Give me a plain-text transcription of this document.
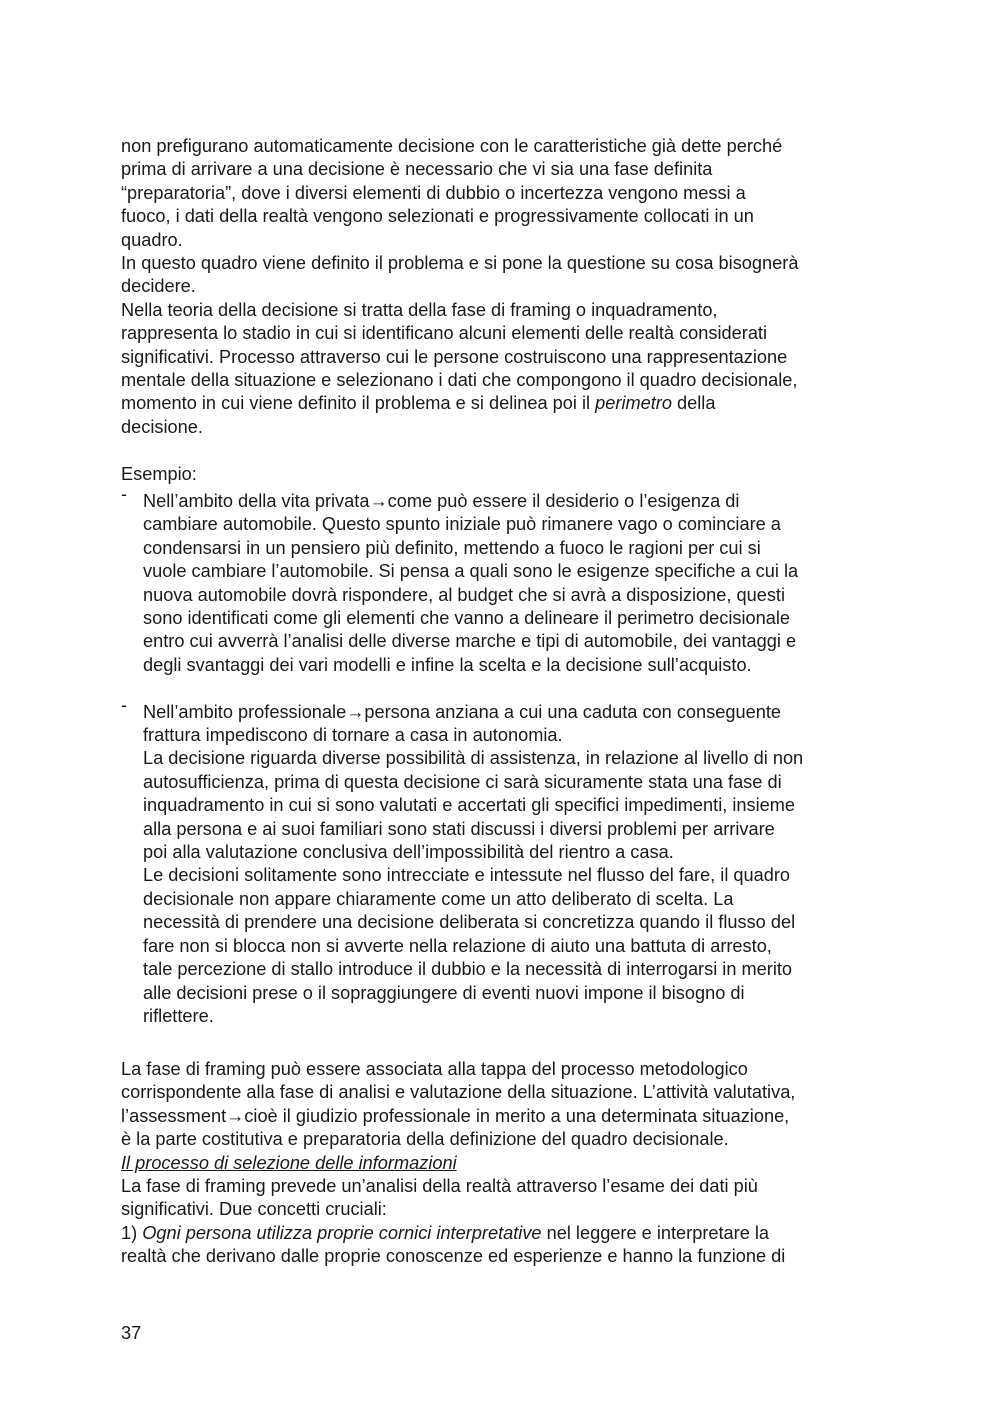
non prefigurano automaticamente decisione con le caratteristiche già dette perché

prima di arrivare a una decisione è necessario che vi sia una fase definita

“preparatoria”, dove i diversi elementi di dubbio o incertezza vengono messi a

fuoco, i dati della realtà vengono selezionati e progressivamente collocati in un

quadro.

In questo quadro viene definito il problema e si pone la questione su cosa bisognerà

decidere.

Nella teoria della decisione si tratta della fase di framing o inquadramento,

rappresenta lo stadio in cui si identificano alcuni elementi delle realtà considerati

significativi. Processo attraverso cui le persone costruiscono una rappresentazione

mentale della situazione e selezionano i dati che compongono il quadro decisionale,

momento in cui viene definito il problema e si delinea poi il perimetro della

decisione.

Esempio:

- Nell’ambito della vita privata→come può essere il desiderio o l’esigenza di

cambiare automobile. Questo spunto iniziale può rimanere vago o cominciare a

condensarsi in un pensiero più definito, mettendo a fuoco le ragioni per cui si

vuole cambiare l’automobile. Si pensa a quali sono le esigenze specifiche a cui la

nuova automobile dovrà rispondere, al budget che si avrà a disposizione, questi

sono identificati come gli elementi che vanno a delineare il perimetro decisionale

entro cui avverrà l’analisi delle diverse marche e tipi di automobile, dei vantaggi e

degli svantaggi dei vari modelli e infine la scelta e la decisione sull’acquisto.

- Nell’ambito professionale→persona anziana a cui una caduta con conseguente

frattura impediscono di tornare a casa in autonomia.

La decisione riguarda diverse possibilità di assistenza, in relazione al livello di non

autosufficienza, prima di questa decisione ci sarà sicuramente stata una fase di

inquadramento in cui si sono valutati e accertati gli specifici impedimenti, insieme

alla persona e ai suoi familiari sono stati discussi i diversi problemi per arrivare

poi alla valutazione conclusiva dell’impossibilità del rientro a casa.

Le decisioni solitamente sono intrecciate e intessute nel flusso del fare, il quadro

decisionale non appare chiaramente come un atto deliberato di scelta. La

necessità di prendere una decisione deliberata si concretizza quando il flusso del

fare non si blocca non si avverte nella relazione di aiuto una battuta di arresto,

tale percezione di stallo introduce il dubbio e la necessità di interrogarsi in merito

alle decisioni prese o il sopraggiungere di eventi nuovi impone il bisogno di

riflettere.

La fase di framing può essere associata alla tappa del processo metodologico

corrispondente alla fase di analisi e valutazione della situazione. L’attività valutativa,

l’assessment→cioè il giudizio professionale in merito a una determinata situazione,

è la parte costitutiva e preparatoria della definizione del quadro decisionale.

Il processo di selezione delle informazioni

La fase di framing prevede un’analisi della realtà attraverso l’esame dei dati più

significativi. Due concetti cruciali:

1) Ogni persona utilizza proprie cornici interpretative nel leggere e interpretare la

realtà che derivano dalle proprie conoscenze ed esperienze e hanno la funzione di

37
